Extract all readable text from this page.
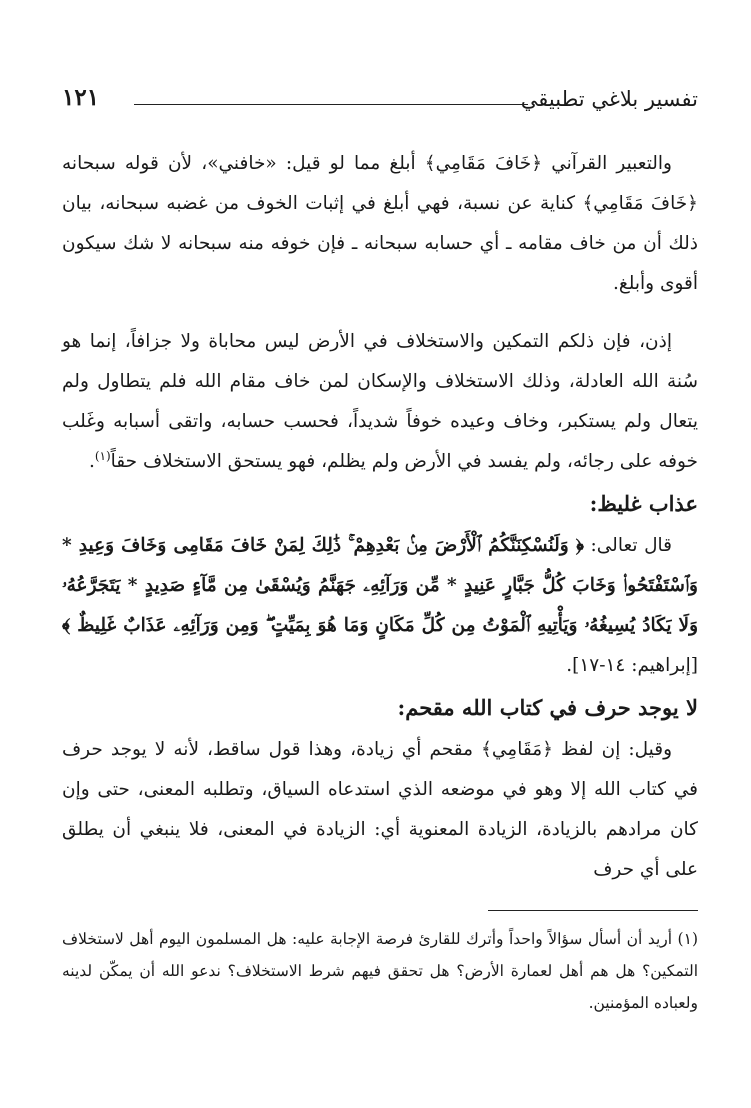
تفسير بلاغي تطبيقي
١٢١

والتعبير القرآني ﴿خَافَ مَقَامِي﴾ أبلغ مما لو قيل: «خافني»، لأن قوله سبحانه ﴿خَافَ مَقَامِي﴾ كناية عن نسبة، فهي أبلغ في إثبات الخوف من غضبه سبحانه، بيان ذلك أن من خاف مقامه ـ أي حسابه سبحانه ـ فإن خوفه منه سبحانه لا شك سيكون أقوى وأبلغ.

إذن، فإن ذلكم التمكين والاستخلاف في الأرض ليس محاباة ولا جزافاً، إنما هو سُنة الله العادلة، وذلك الاستخلاف والإسكان لمن خاف مقام الله فلم يتطاول ولم يتعال ولم يستكبر، وخاف وعيده خوفاً شديداً، فحسب حسابه، واتقى أسبابه وغَلب خوفه على رجائه، ولم يفسد في الأرض ولم يظلم، فهو يستحق الاستخلاف حقاً$^{(١)}$.

عذاب غليظ:

قال تعالى: ﴿ وَلَنُسْكِنَنَّكُمُ ٱلْأَرْضَ مِنۢ بَعْدِهِمْ ۚ ذَٰلِكَ لِمَنْ خَافَ مَقَامِى وَخَافَ وَعِيدِ * وَٱسْتَفْتَحُوا۟ وَخَابَ كُلُّ جَبَّارٍ عَنِيدٍ * مِّن وَرَآئِهِۦ جَهَنَّمُ وَيُسْقَىٰ مِن مَّآءٍ صَدِيدٍ * يَتَجَرَّعُهُۥ وَلَا يَكَادُ يُسِيغُهُۥ وَيَأْتِيهِ ٱلْمَوْتُ مِن كُلِّ مَكَانٍ وَمَا هُوَ بِمَيِّتٍ ۖ وَمِن وَرَآئِهِۦ عَذَابٌ غَلِيظٌ ﴾ [إبراهيم: ١٤-١٧].

لا يوجد حرف في كتاب الله مقحم:

وقيل: إن لفظ ﴿مَقَامِي﴾ مقحم أي زيادة، وهذا قول ساقط، لأنه لا يوجد حرف في كتاب الله إلا وهو في موضعه الذي استدعاه السياق، وتطلبه المعنى، حتى وإن كان مرادهم بالزيادة، الزيادة المعنوية أي: الزيادة في المعنى، فلا ينبغي أن يطلق على أي حرف

(١) أريد أن أسأل سؤالاً واحداً وأترك للقارئ فرصة الإجابة عليه: هل المسلمون اليوم أهل لاستخلاف التمكين؟ هل هم أهل لعمارة الأرض؟ هل تحقق فيهم شرط الاستخلاف؟ ندعو الله أن يمكّن لدينه ولعباده المؤمنين.
